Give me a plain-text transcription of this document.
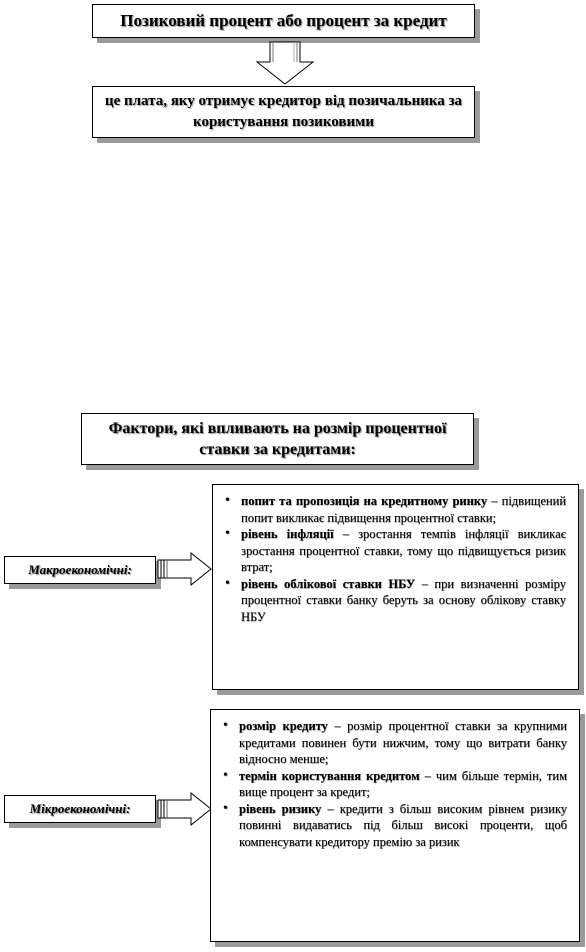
Позиковий процент або процент за кредит
це плата, яку отримує кредитор від позичальника за користування позиковими
Фактори, які впливають на розмір процентної ставки за кредитами:
Макроекономічні:
• попит та пропозиція на кредитному ринку – підвищений попит викликає підвищення процентної ставки;
• рівень інфляції – зростання темпів інфляції викликає зростання процентної ставки, тому що підвищується ризик втрат;
• рівень облікової ставки НБУ – при визначенні розміру процентної ставки банку беруть за основу облікову ставку НБУ
Мікроекономічні:
• розмір кредиту – розмір процентної ставки за крупними кредитами повинен бути нижчим, тому що витрати банку відносно менше;
• термін користування кредитом – чим більше термін, тим вище процент за кредит;
• рівень ризику – кредити з більш високим рівнем ризику повинні видаватись під більш високі проценти, щоб компенсувати кредитору премію за ризик
